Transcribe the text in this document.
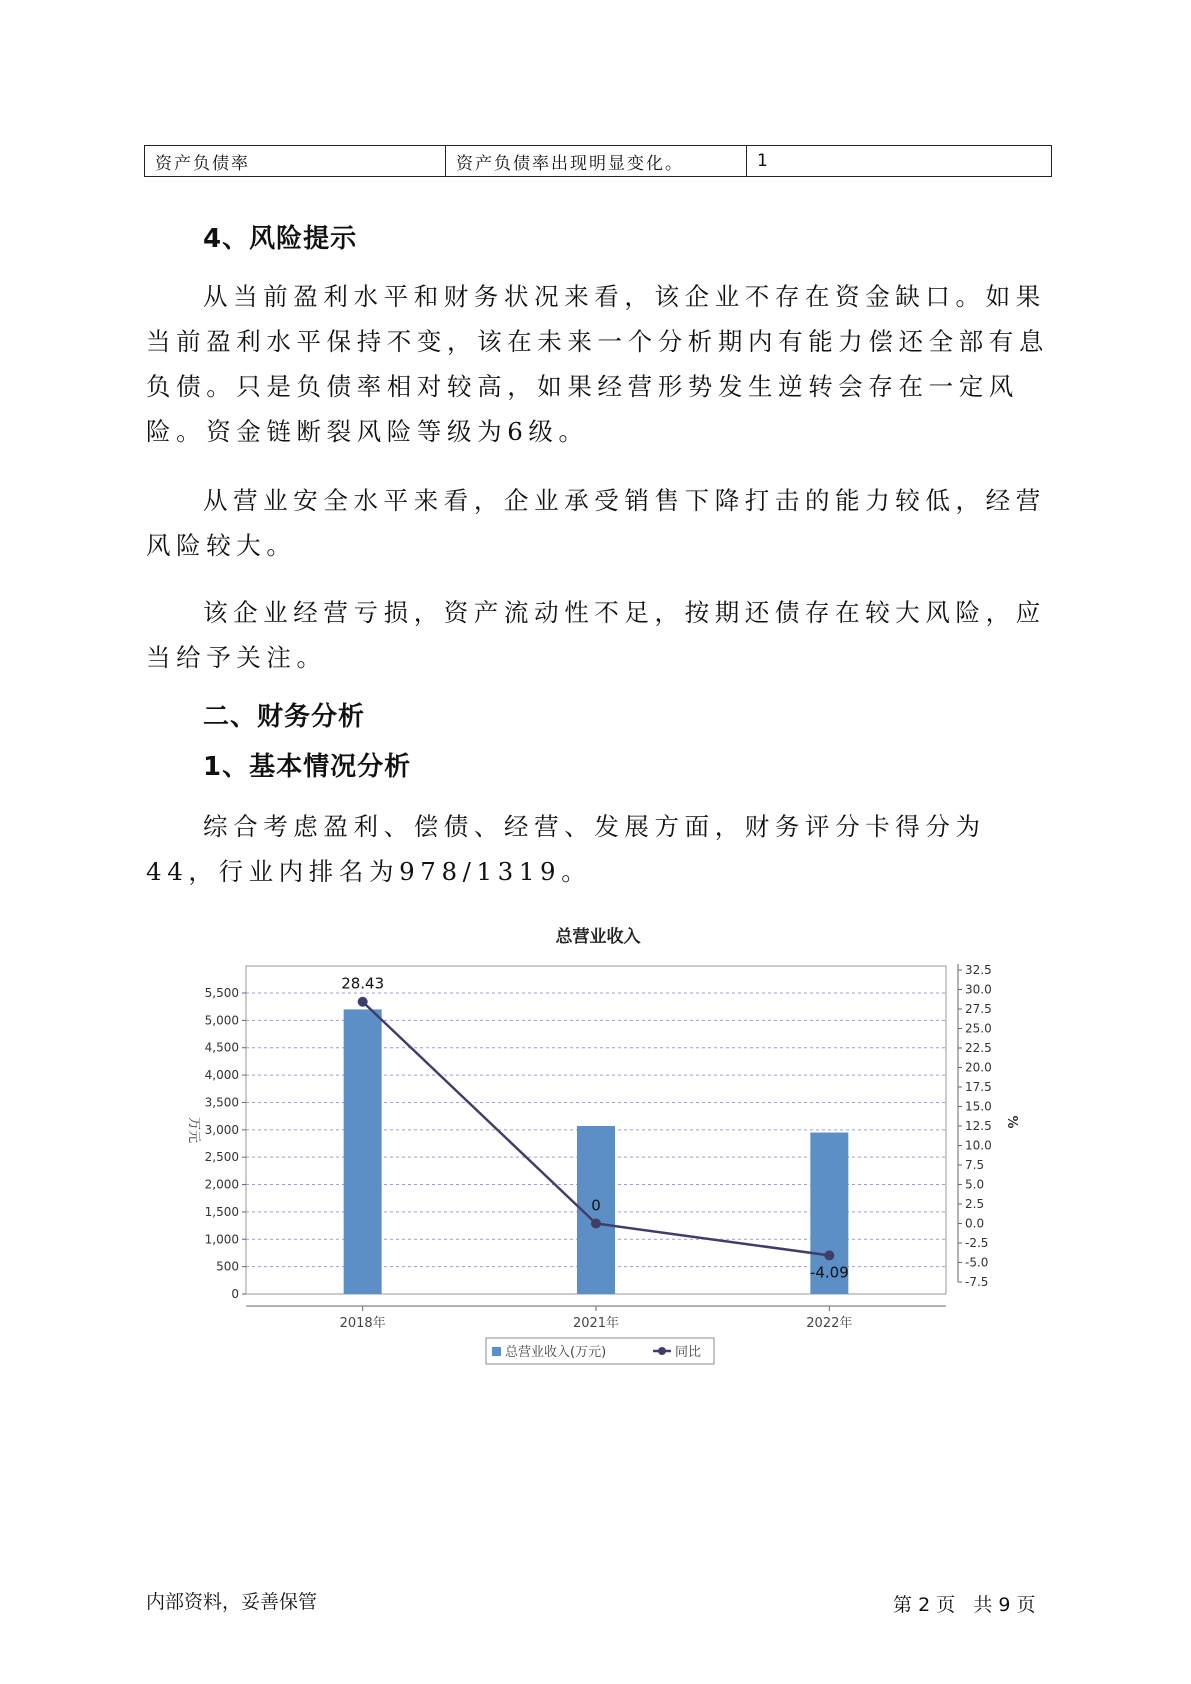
资产负债率	资产负债率出现明显变化。	1
4、风险提示

从当前盈利水平和财务状况来看，该企业不存在资金缺口。如果当前盈利水平保持不变，该在未来一个分析期内有能力偿还全部有息负债。只是负债率相对较高，如果经营形势发生逆转会存在一定风险。资金链断裂风险等级为6级。

从营业安全水平来看，企业承受销售下降打击的能力较低，经营风险较大。

该企业经营亏损，资产流动性不足，按期还债存在较大风险，应当给予关注。

二、财务分析
1、基本情况分析

综合考虑盈利、偿债、经营、发展方面，财务评分卡得分为44，行业内排名为978/1319。

总营业收入
0
500
1,000
1,500
2,000
2,500
3,000
3,500
4,000
4,500
5,000
5,500
-7.5
-5.0
-2.5
0.0
2.5
5.0
7.5
10.0
12.5
15.0
17.5
20.0
22.5
25.0
27.5
30.0
32.5
万元	%
2018年	2021年	2022年
28.43
0
-4.09
总营业收入(万元)	同比
内部资料，妥善保管	第 2 页 共 9 页
